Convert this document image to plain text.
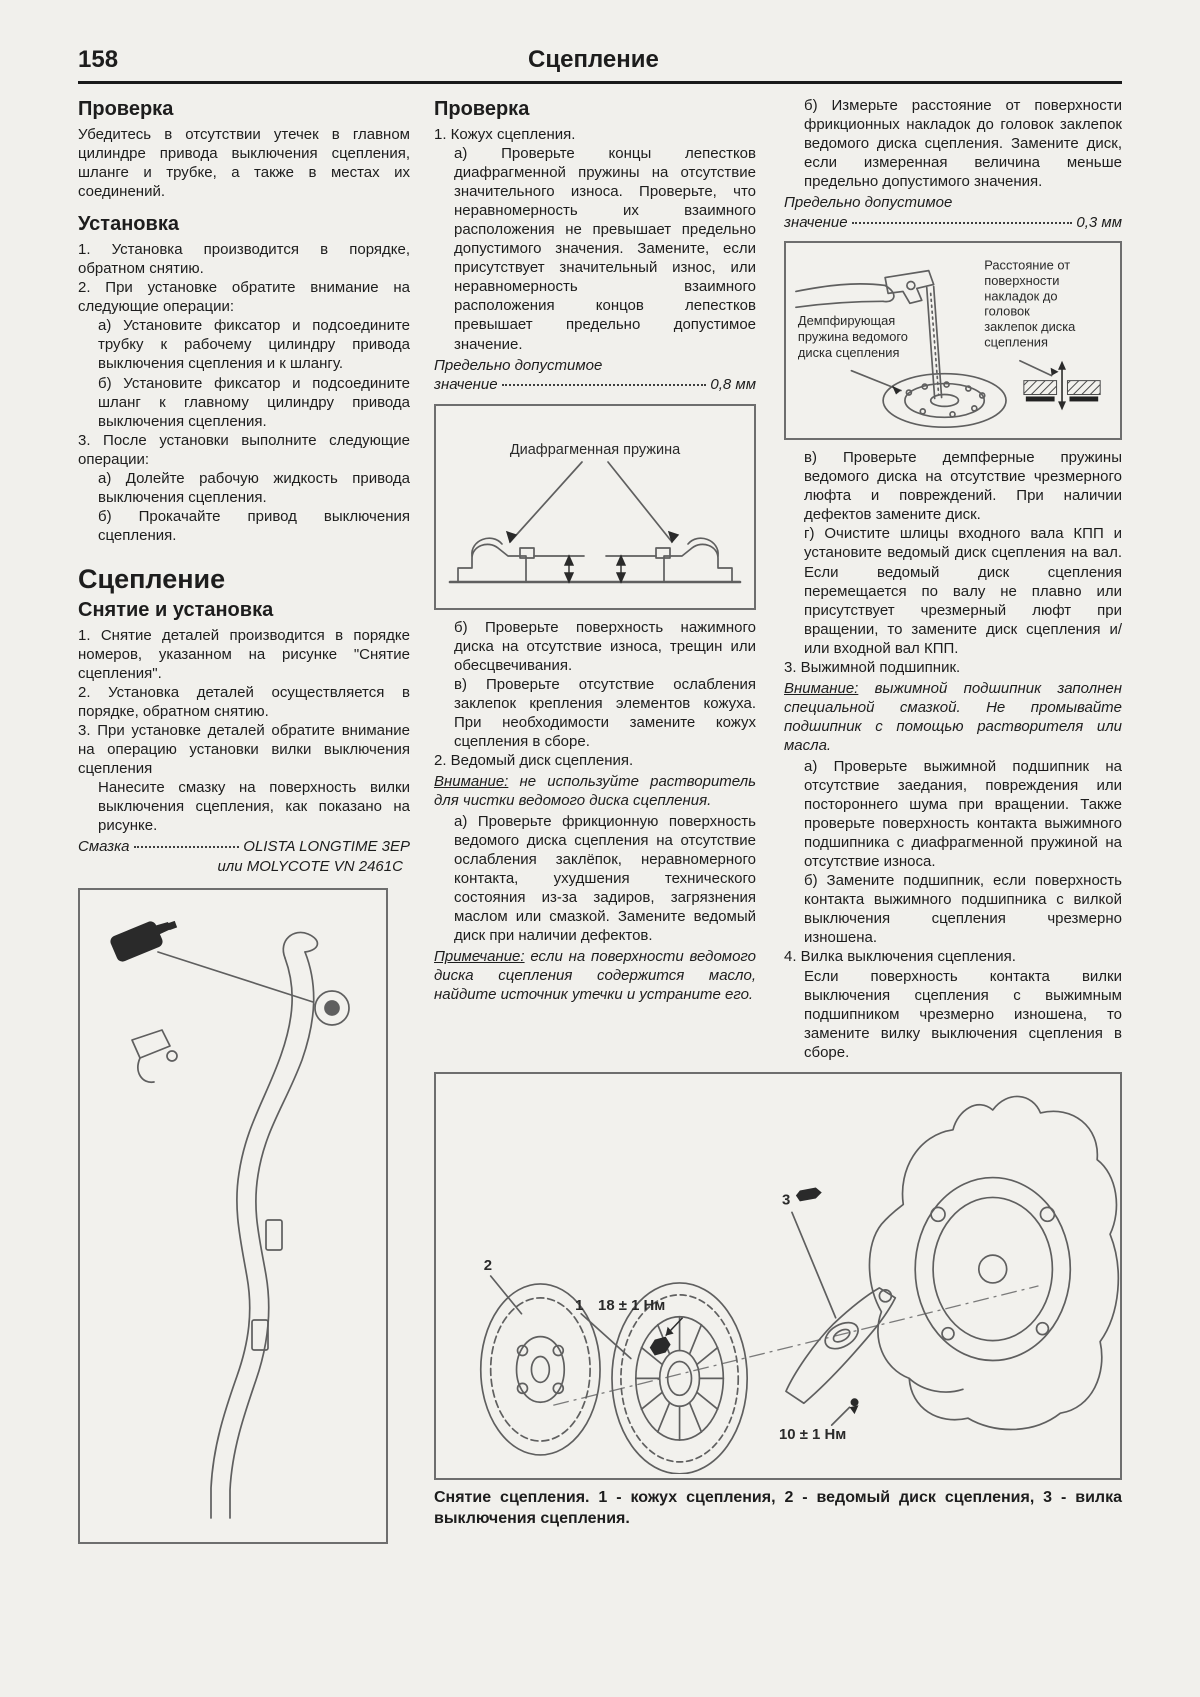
158	Сцепление
Проверка
Убедитесь в отсутствии утечек в главном цилиндре привода выключения сцепления, шланге и трубке, а также в местах их соединений.
Установка
1. Установка производится в порядке, обратном снятию.
2. При установке обратите внимание на следующие операции:
а) Установите фиксатор и подсоедините трубку к рабочему цилиндру привода выключения сцепления и к шлангу.
б) Установите фиксатор и подсоедините шланг к главному цилиндру привода выключения сцепления.
3. После установки выполните следующие операции:
а) Долейте рабочую жидкость привода выключения сцепления.
б) Прокачайте привод выключения сцепления.
Сцепление
Снятие и установка
1. Снятие деталей производится в порядке номеров, указанном на рисунке "Снятие сцепления".
2. Установка деталей осуществляется в порядке, обратном снятию.
3. При установке деталей обратите внимание на операцию установки вилки выключения сцепления
Нанесите смазку на поверхность вилки выключения сцепления, как показано на рисунке.
Смазка	OLISTA LONGTIME 3EP
или MOLYCOTE VN 2461C
Проверка
1. Кожух сцепления.
а) Проверьте концы лепестков диафрагменной пружины на отсутствие значительного износа. Проверьте, что неравномерность их взаимного расположения не превышает предельно допустимого значения. Замените, если присутствует значительный износ, или неравномерность взаимного расположения концов лепестков превышает предельно допустимое значение.
Предельно допустимое
значение	0,8 мм
Диафрагменная пружина
б) Проверьте поверхность нажимного диска на отсутствие износа, трещин или обесцвечивания.
в) Проверьте отсутствие ослабления заклепок крепления элементов кожуха. При необходимости замените кожух сцепления в сборе.
2. Ведомый диск сцепления.
Внимание: не используйте растворитель для чистки ведомого диска сцепления.
а) Проверьте фрикционную поверхность ведомого диска сцепления на отсутствие ослабления заклёпок, неравномерного контакта, ухудшения технического состояния из-за задиров, загрязнения маслом или смазкой. Замените ведомый диск при наличии дефектов.
Примечание: если на поверхности ведомого диска сцепления содержится масло, найдите источник утечки и устраните его.
б) Измерьте расстояние от поверхности фрикционных накладок до головок заклепок ведомого диска сцепления. Замените диск, если измеренная величина меньше предельно допустимого значения.
Предельно допустимое
значение	0,3 мм
Демпфирующая пружина ведомого диска сцепления
Расстояние от поверхности накладок до головок заклепок диска сцепления
в) Проверьте демпферные пружины ведомого диска на отсутствие чрезмерного люфта и повреждений. При наличии дефектов замените диск.
г) Очистите шлицы входного вала КПП и установите ведомый диск сцепления на вал. Если ведомый диск сцепления перемещается по валу не плавно или присутствует чрезмерный люфт при вращении, то замените диск сцепления и/или входной вал КПП.
3. Выжимной подшипник.
Внимание: выжимной подшипник заполнен специальной смазкой. Не промывайте подшипник с помощью растворителя или масла.
а) Проверьте выжимной подшипник на отсутствие заедания, повреждения или постороннего шума при вращении. Также проверьте поверхность контакта выжимного подшипника с диафрагменной пружиной на отсутствие износа.
б) Замените подшипник, если поверхность контакта выжимного подшипника с вилкой выключения сцепления чрезмерно изношена.
4. Вилка выключения сцепления.
Если поверхность контакта вилки выключения сцепления с выжимным подшипником чрезмерно изношена, то замените вилку выключения сцепления в сборе.
2
1 18 ± 1 Нм
3
10 ± 1 Нм
Снятие сцепления. 1 - кожух сцепления, 2 - ведомый диск сцепления, 3 - вилка выключения сцепления.
